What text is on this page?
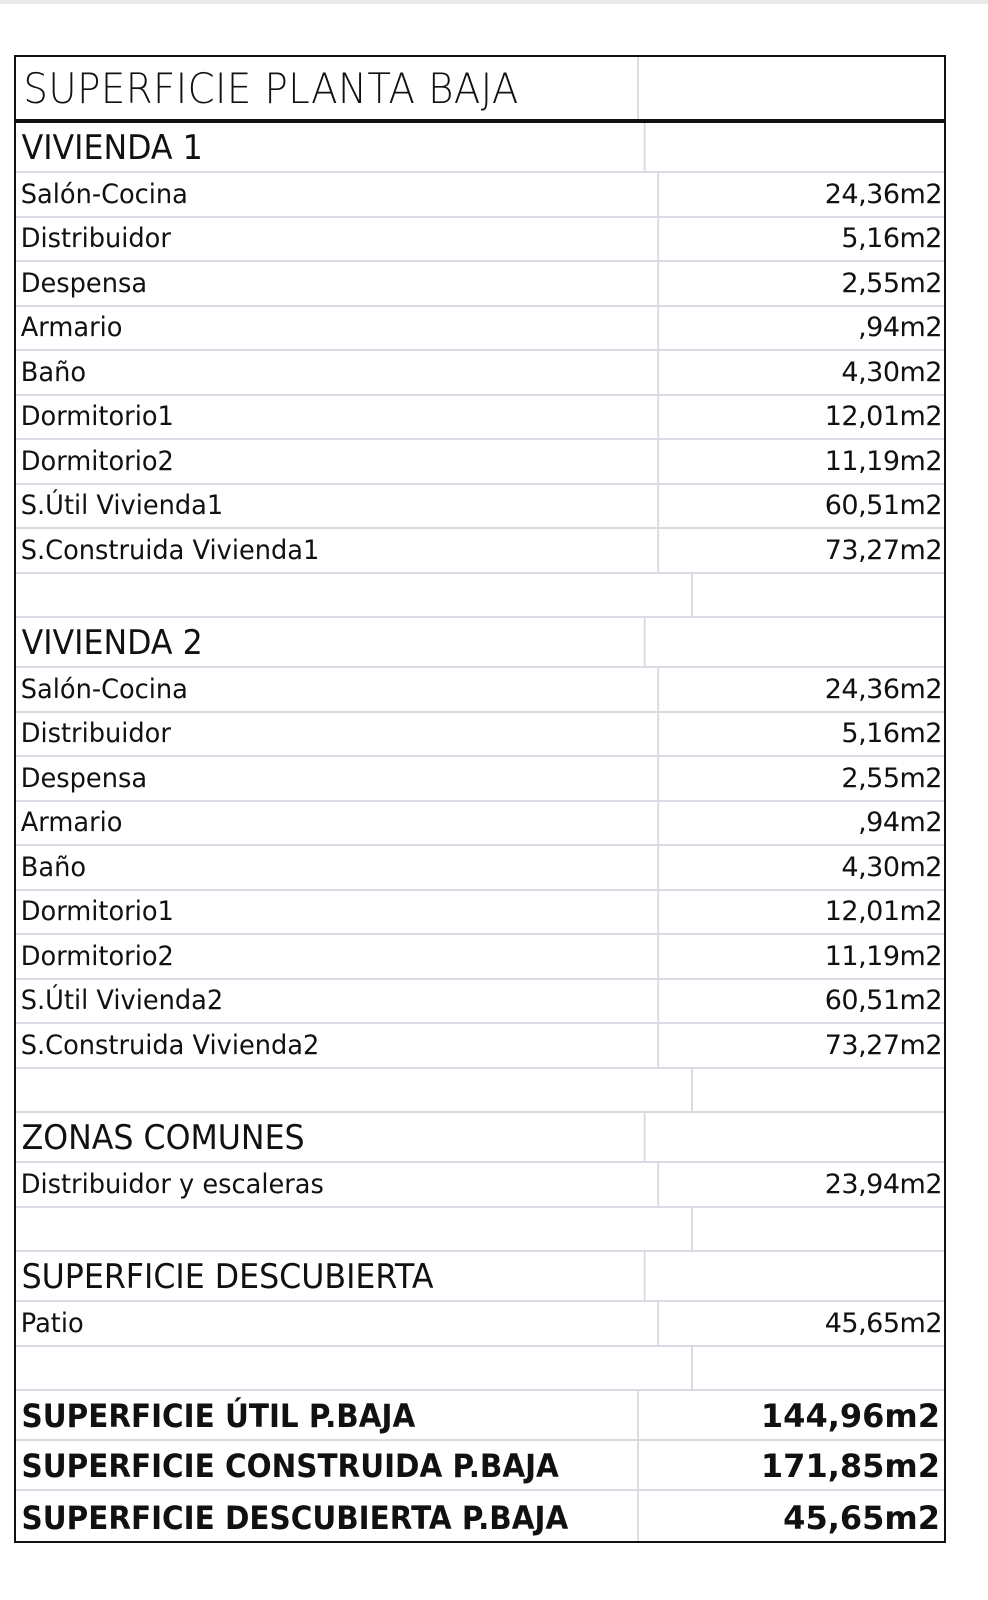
SUPERFICIE PLANTA BAJA
VIVIENDA 1
Salón-Cocina	24,36m2
Distribuidor	5,16m2
Despensa	2,55m2
Armario	,94m2
Baño	4,30m2
Dormitorio1	12,01m2
Dormitorio2	11,19m2
S.Útil Vivienda1	60,51m2
S.Construida Vivienda1	73,27m2
VIVIENDA 2
Salón-Cocina	24,36m2
Distribuidor	5,16m2
Despensa	2,55m2
Armario	,94m2
Baño	4,30m2
Dormitorio1	12,01m2
Dormitorio2	11,19m2
S.Útil Vivienda2	60,51m2
S.Construida Vivienda2	73,27m2
ZONAS COMUNES
Distribuidor y escaleras	23,94m2
SUPERFICIE DESCUBIERTA
Patio	45,65m2
SUPERFICIE ÚTIL P.BAJA	144,96m2
SUPERFICIE CONSTRUIDA P.BAJA	171,85m2
SUPERFICIE DESCUBIERTA P.BAJA	45,65m2
